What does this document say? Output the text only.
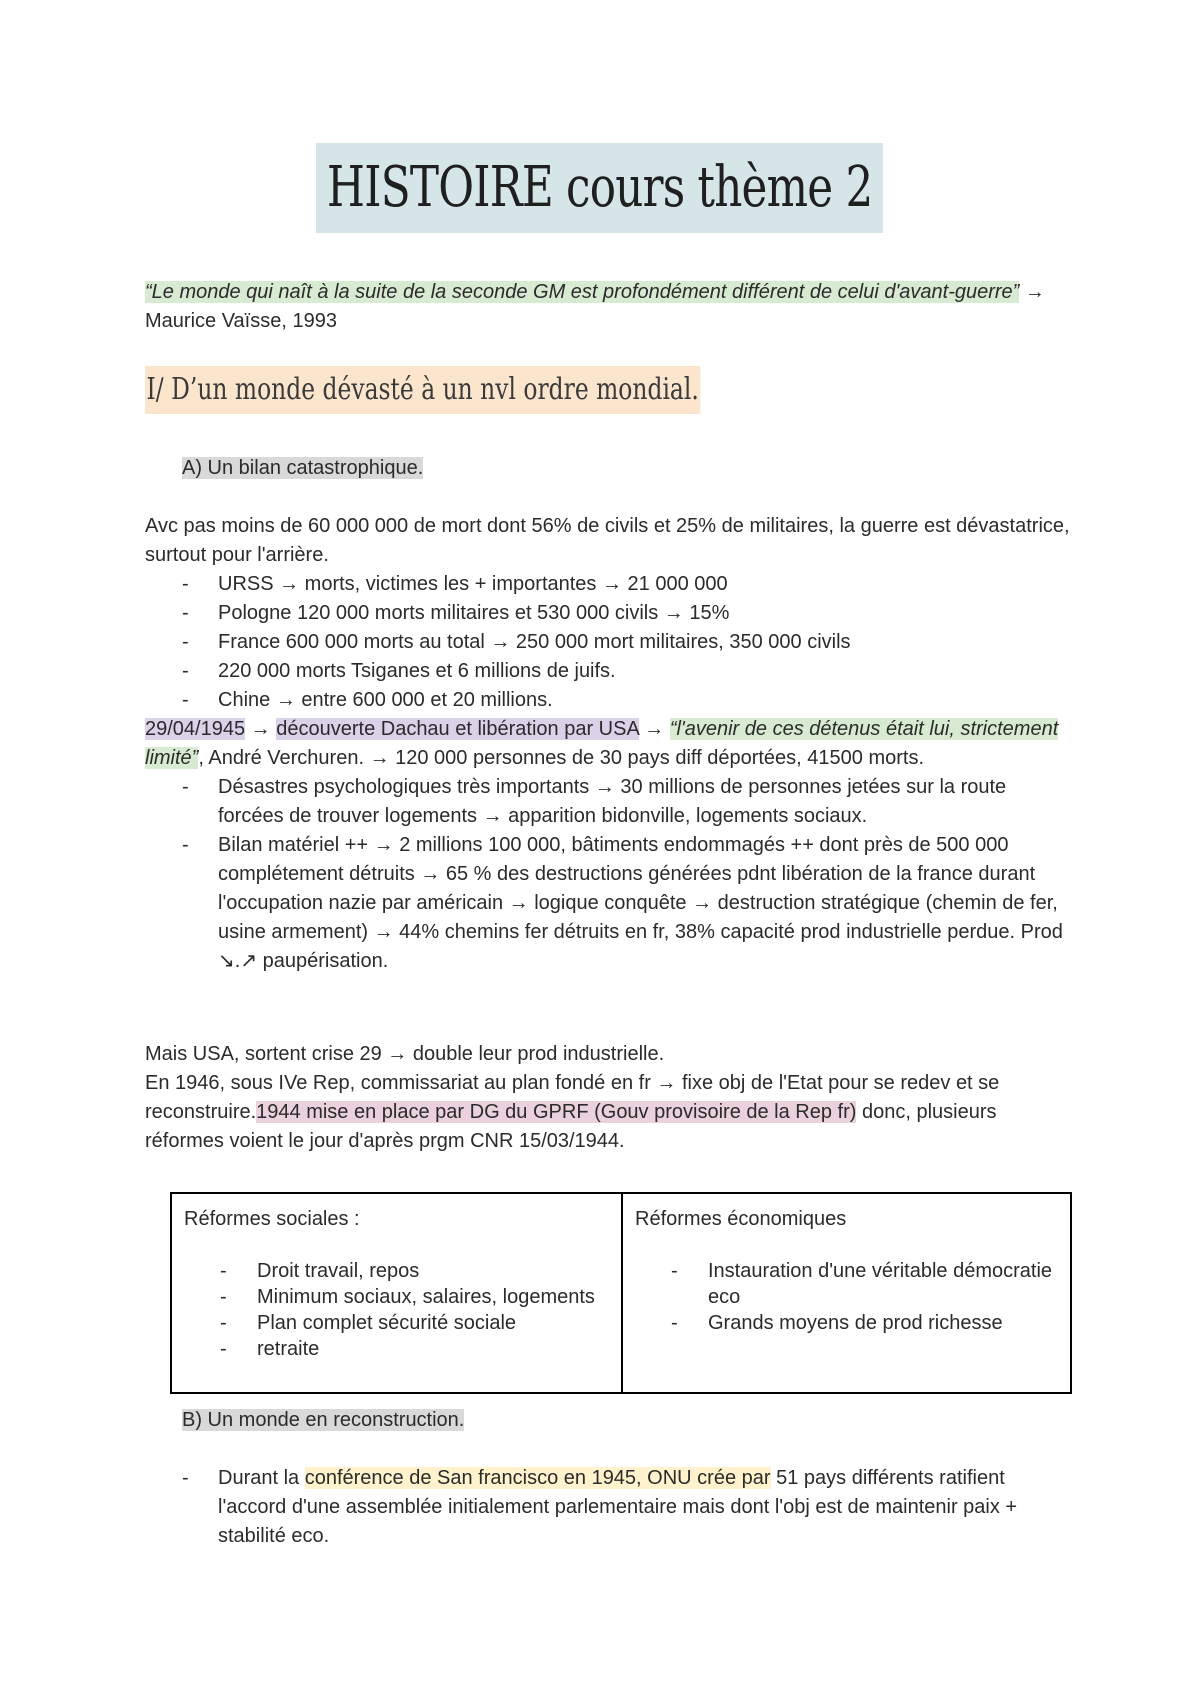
HISTOIRE cours thème 2
“Le monde qui naît à la suite de la seconde GM est profondément différent de celui d'avant-guerre” → Maurice Vaïsse, 1993
I/ D’un monde dévasté à un nvl ordre mondial.
A) Un bilan catastrophique.
Avc pas moins de 60 000 000 de mort dont 56% de civils et 25% de militaires, la guerre est dévastatrice, surtout pour l'arrière.
- URSS → morts, victimes les + importantes → 21 000 000
- Pologne 120 000 morts militaires et 530 000 civils → 15%
- France 600 000 morts au total → 250 000 mort militaires, 350 000 civils
- 220 000 morts Tsiganes et 6 millions de juifs.
- Chine → entre 600 000 et 20 millions.
29/04/1945 → découverte Dachau et libération par USA → “l'avenir de ces détenus était lui, strictement limité”, André Verchuren. → 120 000 personnes de 30 pays diff déportées, 41500 morts.
- Désastres psychologiques très importants → 30 millions de personnes jetées sur la route forcées de trouver logements → apparition bidonville, logements sociaux.
- Bilan matériel ++ → 2 millions 100 000, bâtiments endommagés ++ dont près de 500 000 complétement détruits → 65 % des destructions générées pdnt libération de la france durant l'occupation nazie par américain → logique conquête → destruction stratégique (chemin de fer, usine armement) → 44% chemins fer détruits en fr, 38% capacité prod industrielle perdue. Prod ↘.↗ paupérisation.
Mais USA, sortent crise 29 → double leur prod industrielle.
En 1946, sous IVe Rep, commissariat au plan fondé en fr → fixe obj de l'Etat pour se redev et se reconstruire.1944 mise en place par DG du GPRF (Gouv provisoire de la Rep fr) donc, plusieurs réformes voient le jour d'après prgm CNR 15/03/1944.
Réformes sociales :
- Droit travail, repos
- Minimum sociaux, salaires, logements
- Plan complet sécurité sociale
- retraite
Réformes économiques
- Instauration d'une véritable démocratie eco
- Grands moyens de prod richesse
B) Un monde en reconstruction.
- Durant la conférence de San francisco en 1945, ONU crée par 51 pays différents ratifient l'accord d'une assemblée initialement parlementaire mais dont l'obj est de maintenir paix + stabilité eco.
